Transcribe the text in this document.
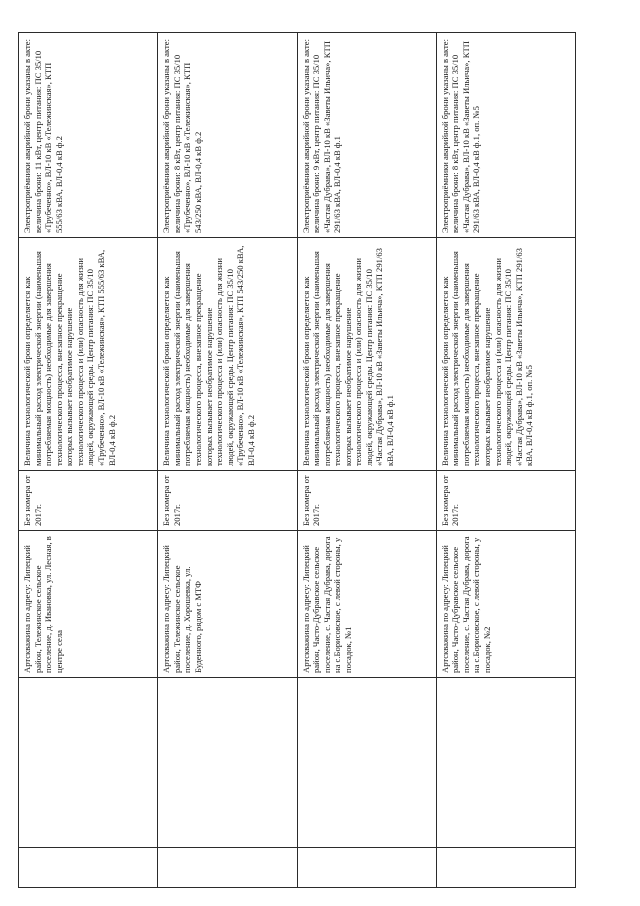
		Артскважина по адресу: Липецкий район, Тележинское сельское поселение, д. Ивановка, ул. Лесная, в центре села	Без номера от 2017г.	Величина технологической брони определяется как минимальный расход электрической энергии (наименьшая потребляемая мощность) необходимые для завершения технологического процесса, внезапное прекращение которых вызывает необратимое нарушение технологического процесса и (или) опасность для жизни людей, окружающей среды. Центр питания: ПС 35/10 «Трубеченно», ВЛ-10 кВ «Тележинская», КТП 555/63 кВА, ВЛ-0,4 кВ ф.2	Электроприёмники аварийной брони указаны в акте: величина брони: 11 кВт, центр питания: ПС 35/10 «Трубеченно», ВЛ-10 кВ «Тележинская», КТП 555/63 кВА, ВЛ-0,4 кВ ф.2
		Артскважина по адресу: Липецкий район, Тележинское сельское поселение, д. Хорошевка, ул. Буденного, рядом с МТФ	Без номера от 2017г.	Величина технологической брони определяется как минимальный расход электрической энергии (наименьшая потребляемая мощность) необходимые для завершения технологического процесса, внезапное прекращение которых вызывает необратимое нарушение технологического процесса и (или) опасность для жизни людей, окружающей среды. Центр питания: ПС 35/10 «Трубеченно», ВЛ-10 кВ «Тележинская», КТП 543/250 кВА, ВЛ-0,4 кВ ф.2	Электроприёмники аварийной брони указаны в акте: величина брони: 8 кВт, центр питания: ПС 35/10 «Трубеченно», ВЛ-10 кВ «Тележинская», КТП 543/250 кВА, ВЛ-0,4 кВ ф.2
		Артскважина по адресу: Липецкий район, Часто-Дубравское сельское поселение, с. Частая Дубрава, дорога на с.Борисовское, с левой стороны, у посадок, №1	Без номера от 2017г.	Величина технологической брони определяется как минимальный расход электрической энергии (наименьшая потребляемая мощность) необходимые для завершения технологического процесса, внезапное прекращение которых вызывает необратимое нарушение технологического процесса и (или) опасность для жизни людей, окружающей среды. Центр питания: ПС 35/10 «Частая Дубрава», ВЛ-10 кВ «Заветы Ильича», КТП 291/63 кВА, ВЛ-0,4 кВ ф.1	Электроприёмники аварийной брони указаны в акте: величина брони: 9 кВт, центр питания: ПС 35/10 «Частая Дубрава», ВЛ-10 кВ «Заветы Ильича», КТП 291/63 кВА, ВЛ-0,4 кВ ф.1
		Артскважина по адресу: Липецкий район, Часто-Дубравское сельское поселение, с. Частая Дубрава, дорога на с.Борисовское, с левой стороны, у посадок, №2	Без номера от 2017г.	Величина технологической брони определяется как минимальный расход электрической энергии (наименьшая потребляемая мощность) необходимые для завершения технологического процесса, внезапное прекращение которых вызывает необратимое нарушение технологического процесса и (или) опасность для жизни людей, окружающей среды. Центр питания: ПС 35/10 «Частая Дубрава», ВЛ-10 кВ «Заветы Ильича», КТП 291/63 кВА, ВЛ-0,4 кВ ф.1, оп. №5	Электроприёмники аварийной брони указаны в акте: величина брони: 8 кВт, центр питания: ПС 35/10 «Частая Дубрава», ВЛ-10 кВ «Заветы Ильича», КТП 291/63 кВА, ВЛ-0,4 кВ ф.1, оп. №5
